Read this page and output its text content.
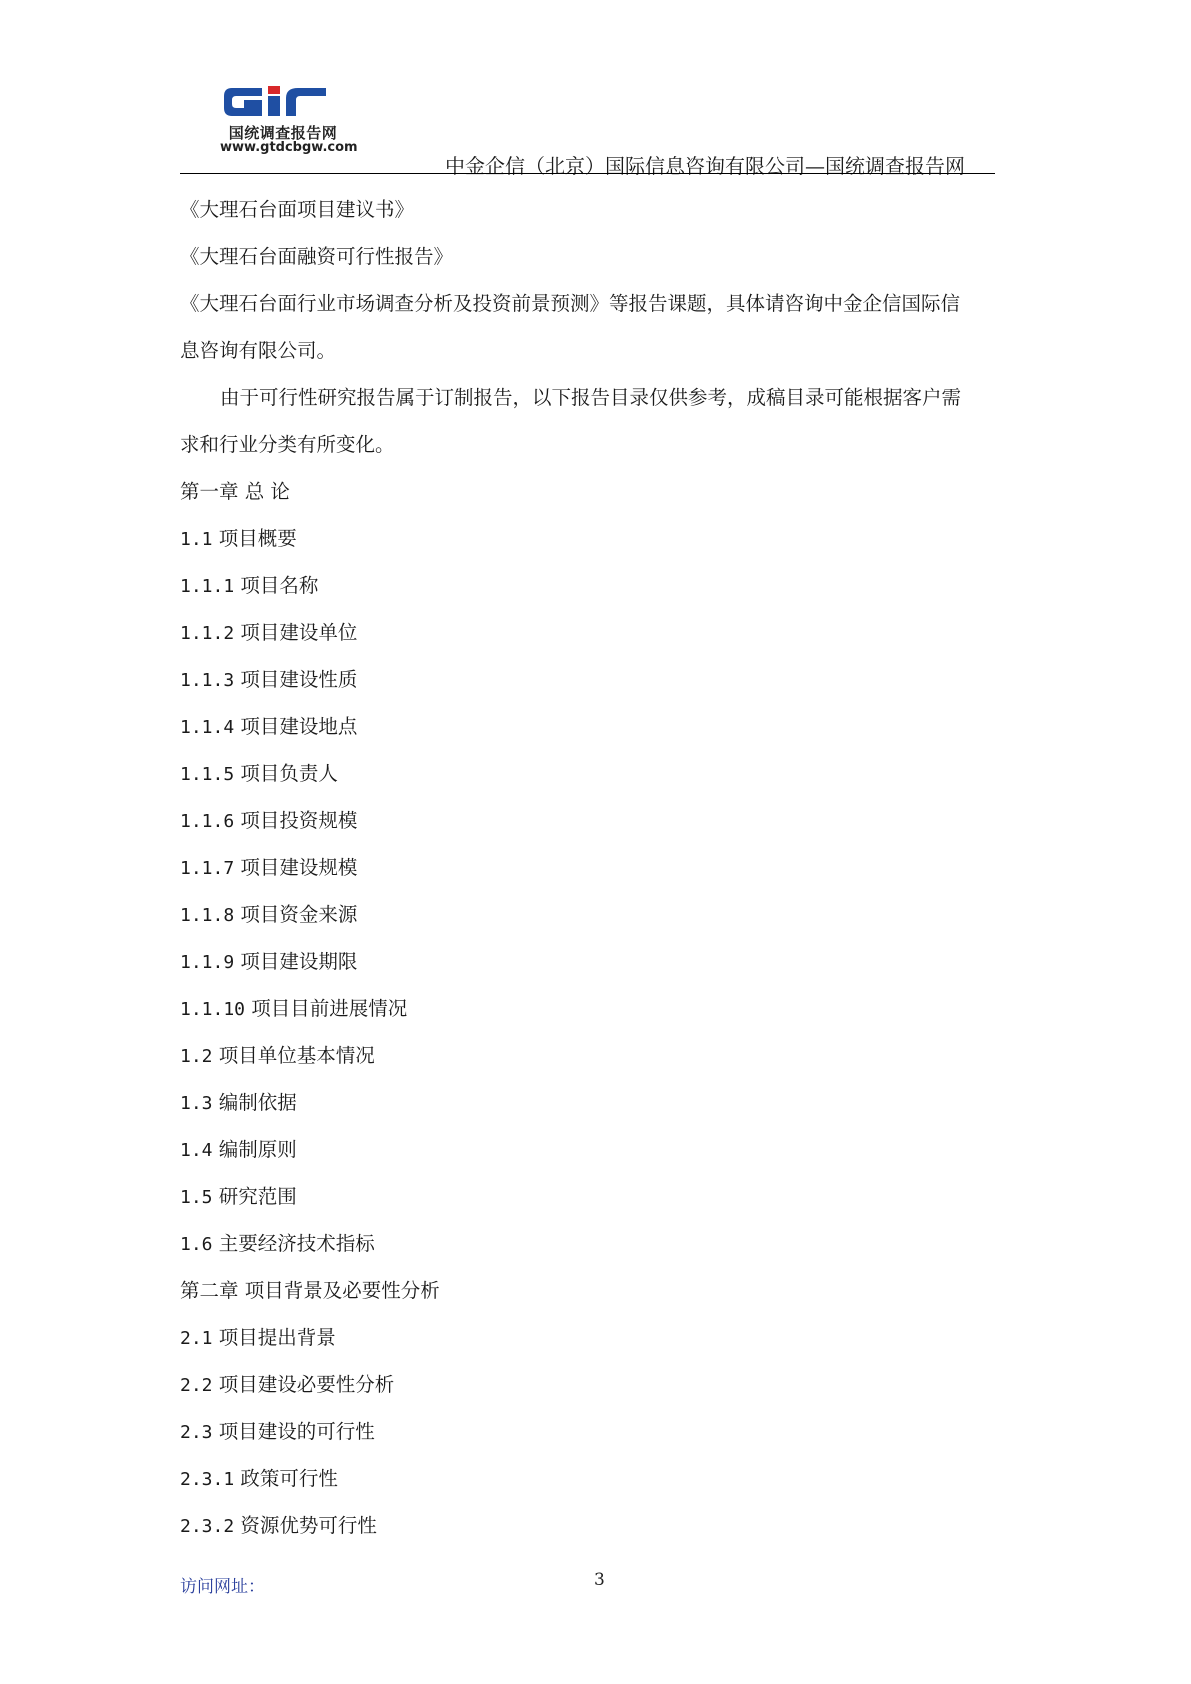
国统调查报告网
www.gtdcbgw.com
中金企信（北京）国际信息咨询有限公司—国统调查报告网
《大理石台面项目建议书》
《大理石台面融资可行性报告》
《大理石台面行业市场调查分析及投资前景预测》等报告课题，具体请咨询中金企信国际信
息咨询有限公司。
由于可行性研究报告属于订制报告，以下报告目录仅供参考，成稿目录可能根据客户需
求和行业分类有所变化。
第一章 总 论
1.1 项目概要
1.1.1 项目名称
1.1.2 项目建设单位
1.1.3 项目建设性质
1.1.4 项目建设地点
1.1.5 项目负责人
1.1.6 项目投资规模
1.1.7 项目建设规模
1.1.8 项目资金来源
1.1.9 项目建设期限
1.1.10 项目目前进展情况
1.2 项目单位基本情况
1.3 编制依据
1.4 编制原则
1.5 研究范围
1.6 主要经济技术指标
第二章 项目背景及必要性分析
2.1 项目提出背景
2.2 项目建设必要性分析
2.3 项目建设的可行性
2.3.1 政策可行性
2.3.2 资源优势可行性
访问网址：	3
